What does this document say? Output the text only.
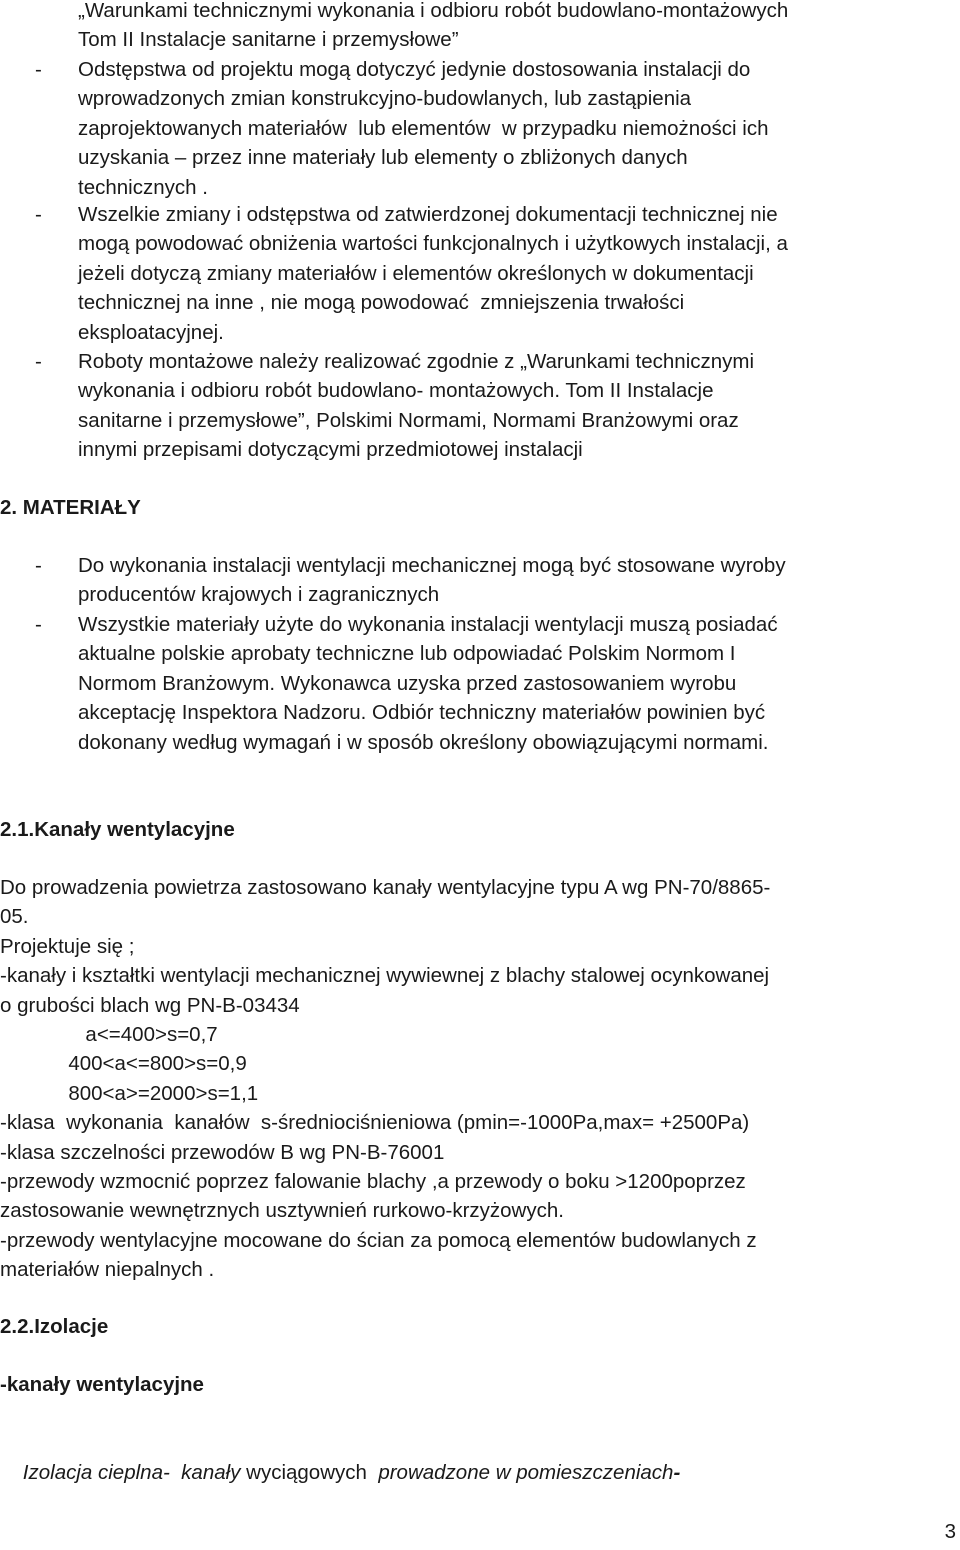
„Warunkami technicznymi wykonania i odbioru robót budowlano-montażowych
Tom II Instalacje sanitarne i przemysłowe”
- Odstępstwa od projektu mogą dotyczyć jedynie dostosowania instalacji do
wprowadzonych zmian konstrukcyjno-budowlanych, lub zastąpienia
zaprojektowanych materiałów  lub elementów  w przypadku niemożności ich
uzyskania – przez inne materiały lub elementy o zbliżonych danych
technicznych .
- Wszelkie zmiany i odstępstwa od zatwierdzonej dokumentacji technicznej nie
mogą powodować obniżenia wartości funkcjonalnych i użytkowych instalacji, a
jeżeli dotyczą zmiany materiałów i elementów określonych w dokumentacji
technicznej na inne , nie mogą powodować  zmniejszenia trwałości
eksploatacyjnej.
- Roboty montażowe należy realizować zgodnie z „Warunkami technicznymi
wykonania i odbioru robót budowlano- montażowych. Tom II Instalacje
sanitarne i przemysłowe”, Polskimi Normami, Normami Branżowymi oraz
innymi przepisami dotyczącymi przedmiotowej instalacji
2. MATERIAŁY
- Do wykonania instalacji wentylacji mechanicznej mogą być stosowane wyroby
producentów krajowych i zagranicznych
- Wszystkie materiały użyte do wykonania instalacji wentylacji muszą posiadać
aktualne polskie aprobaty techniczne lub odpowiadać Polskim Normom I
Normom Branżowym. Wykonawca uzyska przed zastosowaniem wyrobu
akceptację Inspektora Nadzoru. Odbiór techniczny materiałów powinien być
dokonany według wymagań i w sposób określony obowiązującymi normami.
2.1.Kanały wentylacyjne
Do prowadzenia powietrza zastosowano kanały wentylacyjne typu A wg PN-70/8865-
05.
Projektuje się ;
-kanały i kształtki wentylacji mechanicznej wywiewnej z blachy stalowej ocynkowanej
o grubości blach wg PN-B-03434
a<=400>s=0,7
400<a<=800>s=0,9
800<a>=2000>s=1,1
-klasa  wykonania  kanałów  s-średniociśnieniowa (pmin=-1000Pa,max= +2500Pa)
-klasa szczelności przewodów B wg PN-B-76001
-przewody wzmocnić poprzez falowanie blachy ,a przewody o boku >1200poprzez
zastosowanie wewnętrznych usztywnień rurkowo-krzyżowych.
-przewody wentylacyjne mocowane do ścian za pomocą elementów budowlanych z
materiałów niepalnych .
2.2.Izolacje
-kanały wentylacyjne

Izolacja cieplna-  kanały wyciągowych  prowadzone w pomieszczeniach-

3
